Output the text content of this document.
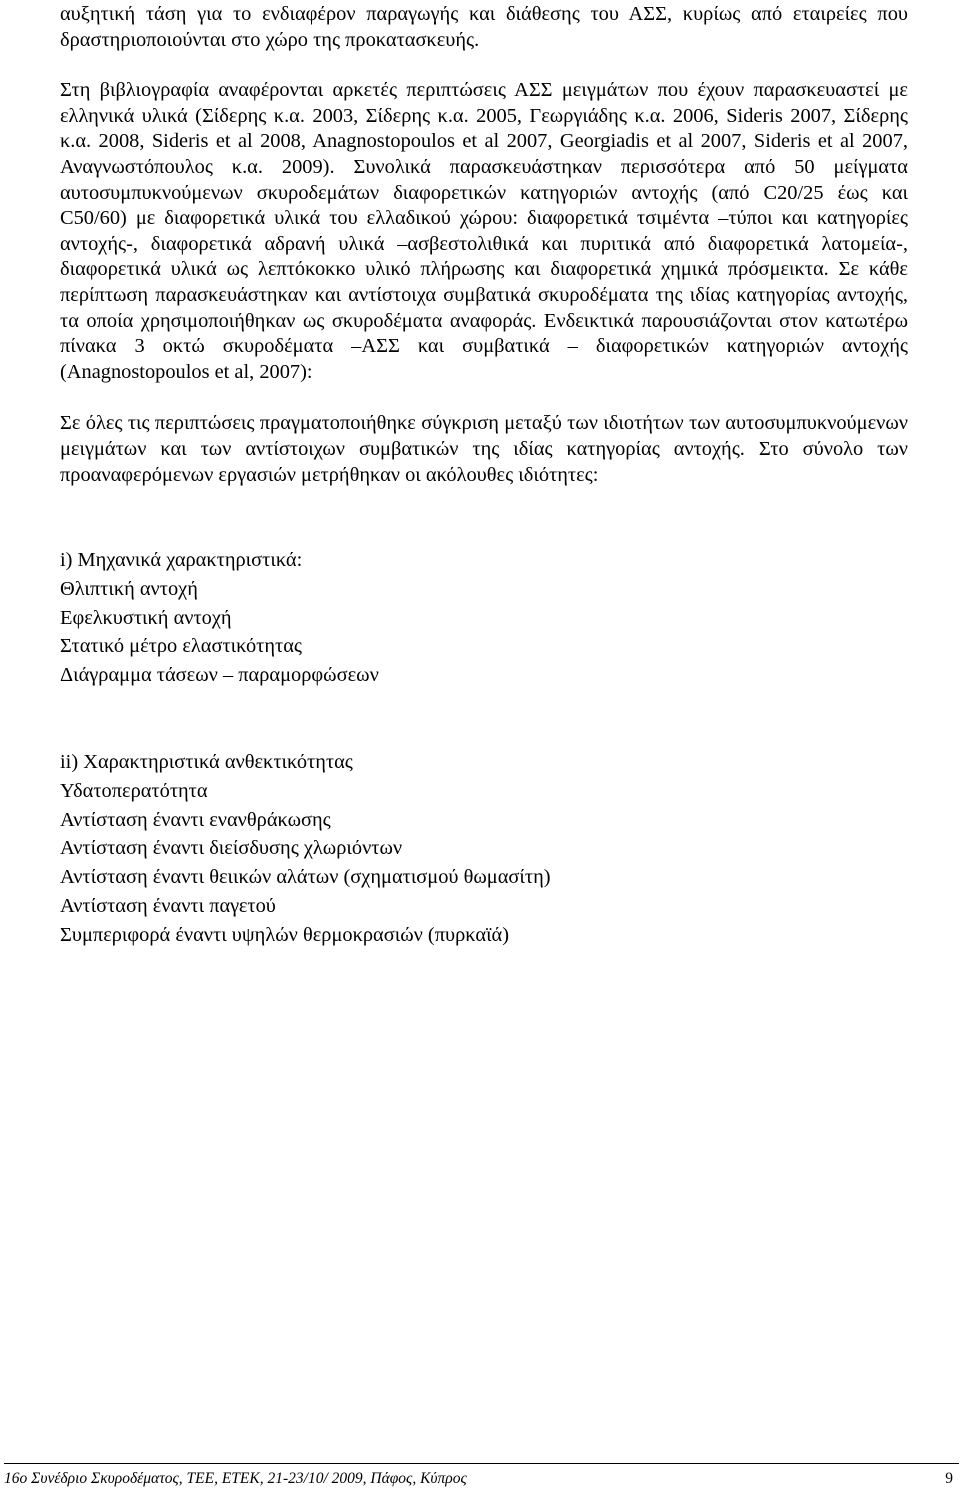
αυξητική τάση για το ενδιαφέρον παραγωγής και διάθεσης του ΑΣΣ, κυρίως από εταιρείες που δραστηριοποιούνται στο χώρο της προκατασκευής.

Στη βιβλιογραφία αναφέρονται αρκετές περιπτώσεις ΑΣΣ μειγμάτων που έχουν παρασκευαστεί με ελληνικά υλικά (Σίδερης κ.α. 2003, Σίδερης κ.α. 2005, Γεωργιάδης κ.α. 2006, Sideris 2007, Σίδερης κ.α. 2008, Sideris et al 2008, Anagnostopoulos et al 2007, Georgiadis et al 2007, Sideris et al 2007, Αναγνωστόπουλος κ.α. 2009). Συνολικά παρασκευάστηκαν περισσότερα από 50 μείγματα αυτοσυμπυκνούμενων σκυροδεμάτων διαφορετικών κατηγοριών αντοχής (από C20/25 έως και C50/60) με διαφορετικά υλικά του ελλαδικού χώρου: διαφορετικά τσιμέντα –τύποι και κατηγορίες αντοχής-, διαφορετικά αδρανή υλικά –ασβεστολιθικά και πυριτικά από διαφορετικά λατομεία-, διαφορετικά υλικά ως λεπτόκοκκο υλικό πλήρωσης και διαφορετικά χημικά πρόσμεικτα. Σε κάθε περίπτωση παρασκευάστηκαν και αντίστοιχα συμβατικά σκυροδέματα της ιδίας κατηγορίας αντοχής, τα οποία χρησιμοποιήθηκαν ως σκυροδέματα αναφοράς. Ενδεικτικά παρουσιάζονται στον κατωτέρω πίνακα 3 οκτώ σκυροδέματα –ΑΣΣ και συμβατικά – διαφορετικών κατηγοριών αντοχής (Anagnostopoulos et al, 2007):

Σε όλες τις περιπτώσεις πραγματοποιήθηκε σύγκριση μεταξύ των ιδιοτήτων των αυτοσυμπυκνούμενων μειγμάτων και των αντίστοιχων συμβατικών της ιδίας κατηγορίας αντοχής. Στο σύνολο των προαναφερόμενων εργασιών μετρήθηκαν οι ακόλουθες ιδιότητες:

i) Μηχανικά χαρακτηριστικά:

Θλιπτική αντοχή

Εφελκυστική αντοχή

Στατικό μέτρο ελαστικότητας

Διάγραμμα τάσεων – παραμορφώσεων

ii) Χαρακτηριστικά ανθεκτικότητας

Υδατοπερατότητα

Αντίσταση έναντι ενανθράκωσης

Αντίσταση έναντι διείσδυσης χλωριόντων

Αντίσταση έναντι θειικών αλάτων (σχηματισμού θωμασίτη)

Αντίσταση έναντι παγετού

Συμπεριφορά έναντι υψηλών θερμοκρασιών (πυρκαϊά)

16ο Συνέδριο Σκυροδέματος, ΤΕΕ, ΕΤΕΚ, 21-23/10/ 2009, Πάφος, Κύπρος	9
